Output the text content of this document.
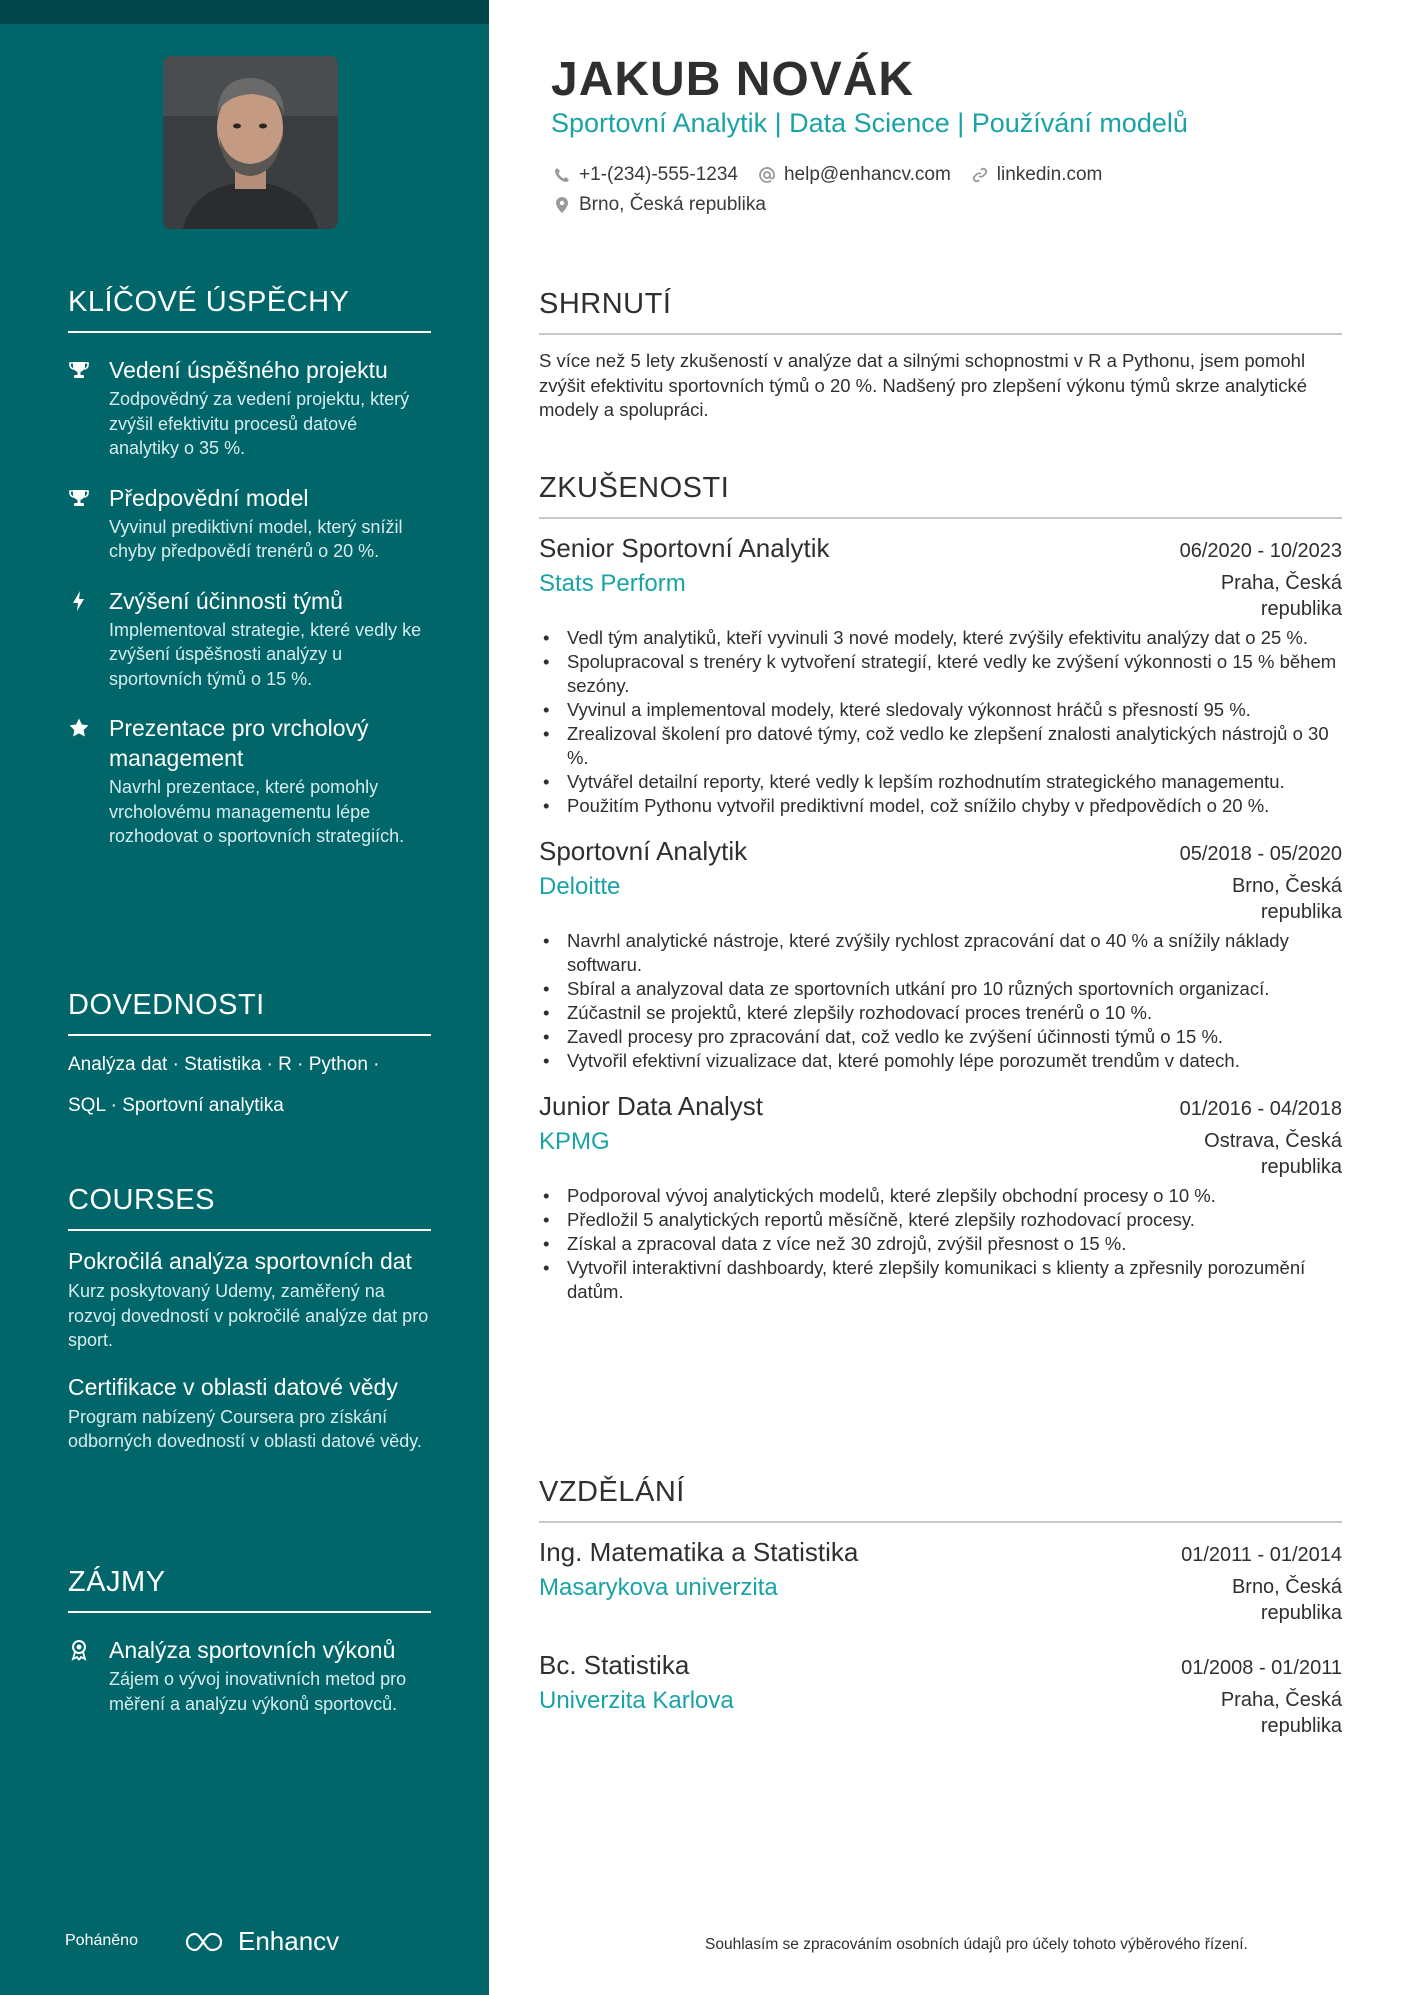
KLÍČOVÉ ÚSPĚCHY
Vedení úspěšného projektu
Zodpovědný za vedení projektu, který zvýšil efektivitu procesů datové analytiky o 35 %.
Předpovědní model
Vyvinul prediktivní model, který snížil chyby předpovědí trenérů o 20 %.
Zvýšení účinnosti týmů
Implementoval strategie, které vedly ke zvýšení úspěšnosti analýzy u sportovních týmů o 15 %.
Prezentace pro vrcholový management
Navrhl prezentace, které pomohly vrcholovému managementu lépe rozhodovat o sportovních strategiích.
DOVEDNOSTI
Analýza dat · Statistika · R · Python ·
SQL · Sportovní analytika
COURSES
Pokročilá analýza sportovních dat
Kurz poskytovaný Udemy, zaměřený na rozvoj dovedností v pokročilé analýze dat pro sport.
Certifikace v oblasti datové vědy
Program nabízený Coursera pro získání odborných dovedností v oblasti datové vědy.
ZÁJMY
Analýza sportovních výkonů
Zájem o vývoj inovativních metod pro měření a analýzu výkonů sportovců.
Poháněno	Enhancv
JAKUB NOVÁK
Sportovní Analytik | Data Science | Používání modelů
+1-(234)-555-1234 help@enhancv.com linkedin.com
Brno, Česká republika
SHRNUTÍ
S více než 5 lety zkušeností v analýze dat a silnými schopnostmi v R a Pythonu, jsem pomohl zvýšit efektivitu sportovních týmů o 20 %. Nadšený pro zlepšení výkonu týmů skrze analytické modely a spolupráci.
ZKUŠENOSTI
Senior Sportovní Analytik	06/2020 - 10/2023
Stats Perform	Praha, Česká republika
• Vedl tým analytiků, kteří vyvinuli 3 nové modely, které zvýšily efektivitu analýzy dat o 25 %.
• Spolupracoval s trenéry k vytvoření strategií, které vedly ke zvýšení výkonnosti o 15 % během sezóny.
• Vyvinul a implementoval modely, které sledovaly výkonnost hráčů s přesností 95 %.
• Zrealizoval školení pro datové týmy, což vedlo ke zlepšení znalosti analytických nástrojů o 30 %.
• Vytvářel detailní reporty, které vedly k lepším rozhodnutím strategického managementu.
• Použitím Pythonu vytvořil prediktivní model, což snížilo chyby v předpovědích o 20 %.
Sportovní Analytik	05/2018 - 05/2020
Deloitte	Brno, Česká republika
• Navrhl analytické nástroje, které zvýšily rychlost zpracování dat o 40 % a snížily náklady softwaru.
• Sbíral a analyzoval data ze sportovních utkání pro 10 různých sportovních organizací.
• Zúčastnil se projektů, které zlepšily rozhodovací proces trenérů o 10 %.
• Zavedl procesy pro zpracování dat, což vedlo ke zvýšení účinnosti týmů o 15 %.
• Vytvořil efektivní vizualizace dat, které pomohly lépe porozumět trendům v datech.
Junior Data Analyst	01/2016 - 04/2018
KPMG	Ostrava, Česká republika
• Podporoval vývoj analytických modelů, které zlepšily obchodní procesy o 10 %.
• Předložil 5 analytických reportů měsíčně, které zlepšily rozhodovací procesy.
• Získal a zpracoval data z více než 30 zdrojů, zvýšil přesnost o 15 %.
• Vytvořil interaktivní dashboardy, které zlepšily komunikaci s klienty a zpřesnily porozumění datům.
VZDĚLÁNÍ
Ing. Matematika a Statistika	01/2011 - 01/2014
Masarykova univerzita	Brno, Česká republika
Bc. Statistika	01/2008 - 01/2011
Univerzita Karlova	Praha, Česká republika
Souhlasím se zpracováním osobních údajů pro účely tohoto výběrového řízení.
